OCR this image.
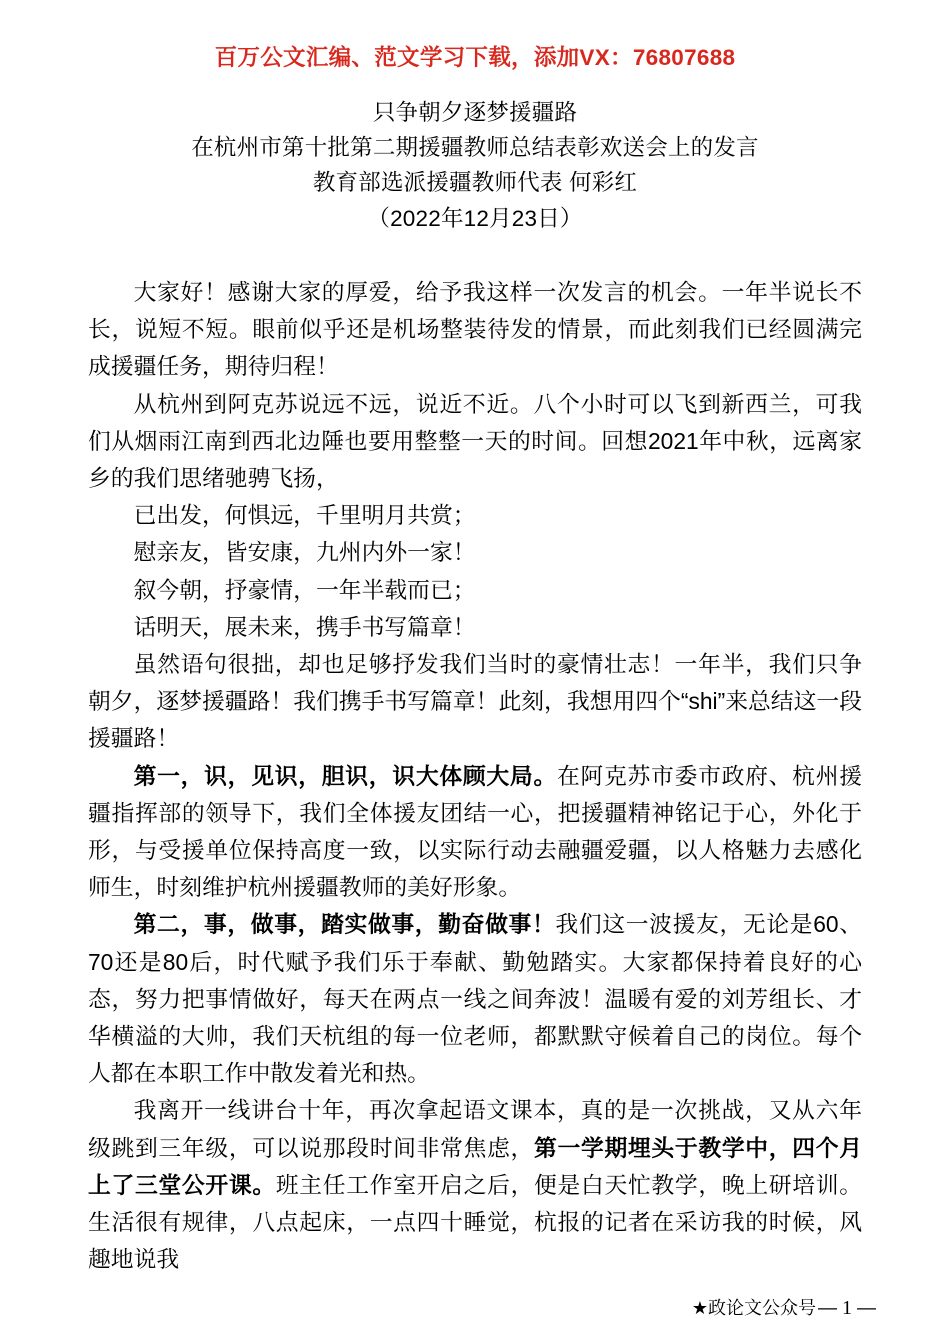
百万公文汇编、范文学习下载，添加VX：76807688
只争朝夕逐梦援疆路
在杭州市第十批第二期援疆教师总结表彰欢送会上的发言
教育部选派援疆教师代表 何彩红
（2022年12月23日）

大家好！感谢大家的厚爱，给予我这样一次发言的机会。一年半说长不长，说短不短。眼前似乎还是机场整装待发的情景，而此刻我们已经圆满完成援疆任务，期待归程！

从杭州到阿克苏说远不远，说近不近。八个小时可以飞到新西兰，可我们从烟雨江南到西北边陲也要用整整一天的时间。回想2021年中秋，远离家乡的我们思绪驰骋飞扬，

已出发，何惧远，千里明月共赏；

慰亲友，皆安康，九州内外一家！

叙今朝，抒豪情，一年半载而已；

话明天，展未来，携手书写篇章！

虽然语句很拙，却也足够抒发我们当时的豪情壮志！一年半，我们只争朝夕，逐梦援疆路！我们携手书写篇章！此刻，我想用四个“shi”来总结这一段援疆路！

第一，识，见识，胆识，识大体顾大局。在阿克苏市委市政府、杭州援疆指挥部的领导下，我们全体援友团结一心，把援疆精神铭记于心，外化于形，与受援单位保持高度一致，以实际行动去融疆爱疆，以人格魅力去感化师生，时刻维护杭州援疆教师的美好形象。

第二，事，做事，踏实做事，勤奋做事！我们这一波援友，无论是60、70还是80后，时代赋予我们乐于奉献、勤勉踏实。大家都保持着良好的心态，努力把事情做好，每天在两点一线之间奔波！温暖有爱的刘芳组长、才华横溢的大帅，我们天杭组的每一位老师，都默默守候着自己的岗位。每个人都在本职工作中散发着光和热。

我离开一线讲台十年，再次拿起语文课本，真的是一次挑战，又从六年级跳到三年级，可以说那段时间非常焦虑，第一学期埋头于教学中，四个月上了三堂公开课。班主任工作室开启之后，便是白天忙教学，晚上研培训。生活很有规律，八点起床，一点四十睡觉，杭报的记者在采访我的时候，风趣地说我

★政论文公众号 — 1 —
